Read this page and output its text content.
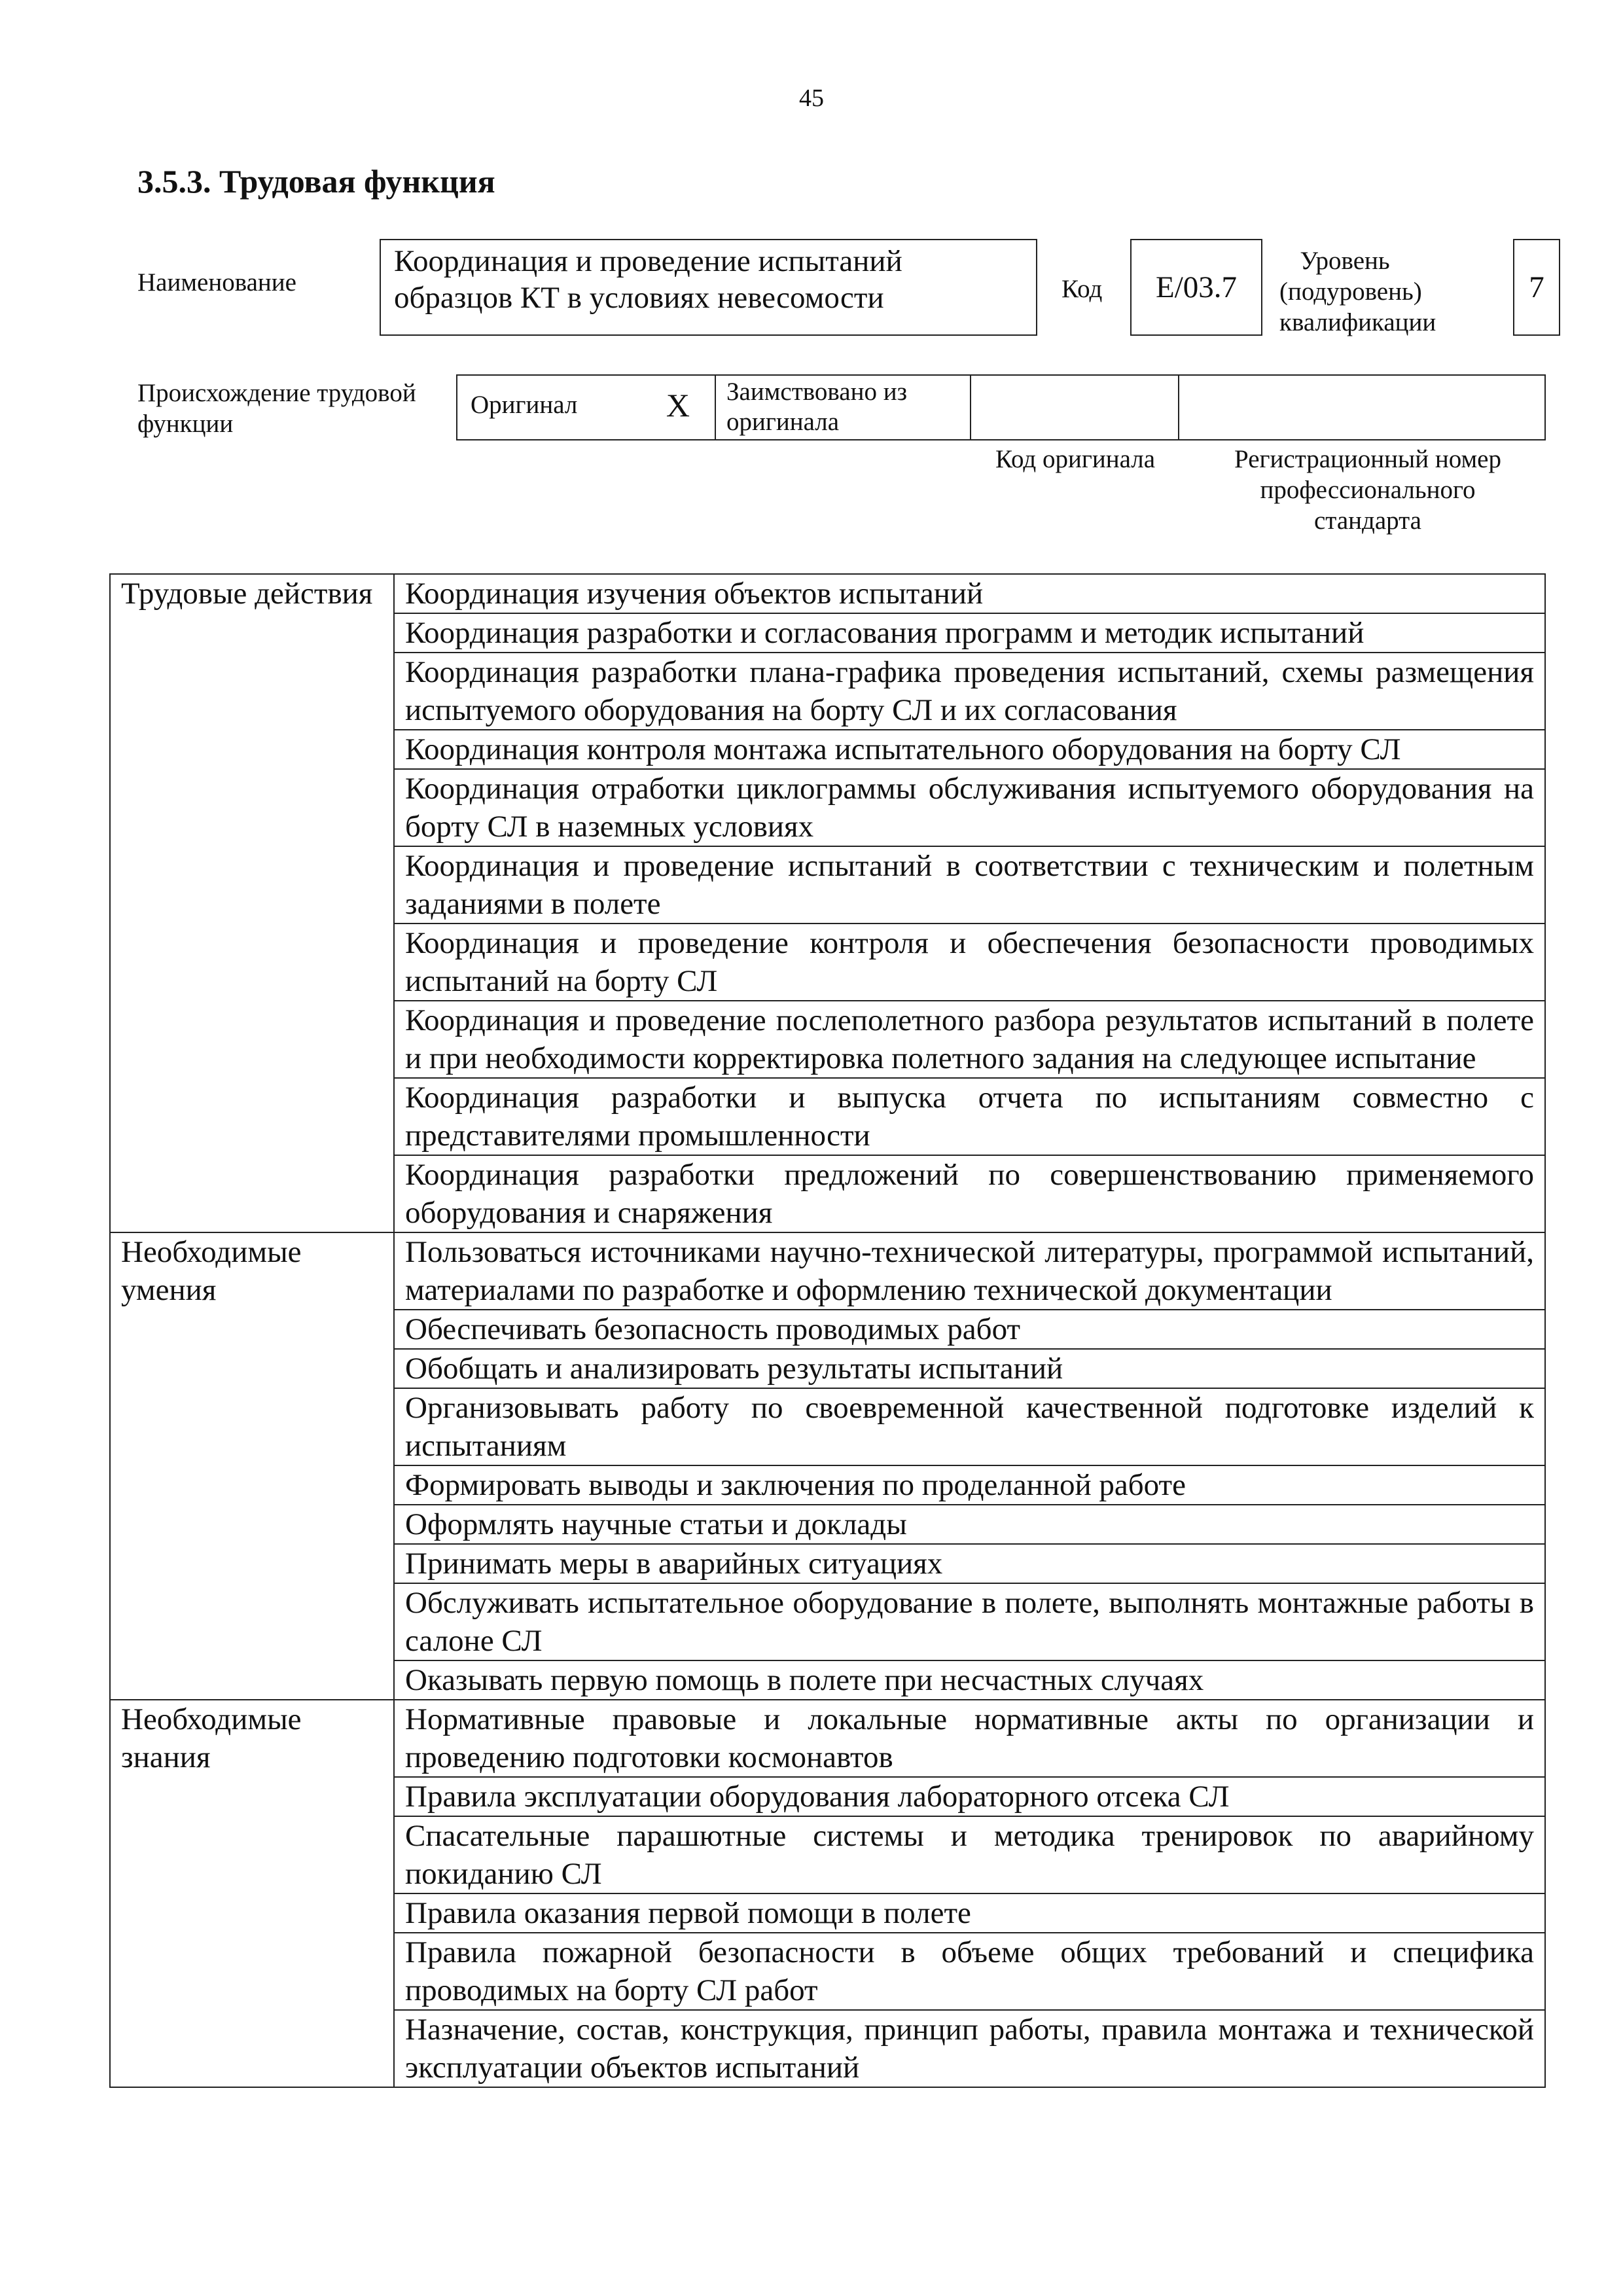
45
3.5.3. Трудовая функция
Наименование
Координация и проведение испытаний образцов КТ в условиях невесомости	Код	E/03.7
Уровень (подуровень) квалификации
7
Происхождение трудовой функции
Оригинал	X	Заимствовано из оригинала
Код оригинала	Регистрационный номер профессионального стандарта
Трудовые действия	Координация изучения объектов испытаний
	Координация разработки и согласования программ и методик испытаний
	Координация разработки плана-графика проведения испытаний, схемы размещения испытуемого оборудования на борту СЛ и их согласования
	Координация контроля монтажа испытательного оборудования на борту СЛ
	Координация отработки циклограммы обслуживания испытуемого оборудования на борту СЛ в наземных условиях
	Координация и проведение испытаний в соответствии с техническим и полетным заданиями в полете
	Координация и проведение контроля и обеспечения безопасности проводимых испытаний на борту СЛ
	Координация и проведение послеполетного разбора результатов испытаний в полете и при необходимости корректировка полетного задания на следующее испытание
	Координация разработки и выпуска отчета по испытаниям совместно с представителями промышленности
	Координация разработки предложений по совершенствованию применяемого оборудования и снаряжения
Необходимые умения	Пользоваться источниками научно-технической литературы, программой испытаний, материалами по разработке и оформлению технической документации
	Обеспечивать безопасность проводимых работ
	Обобщать и анализировать результаты испытаний
	Организовывать работу по своевременной качественной подготовке изделий к испытаниям
	Формировать выводы и заключения по проделанной работе
	Оформлять научные статьи и доклады
	Принимать меры в аварийных ситуациях
	Обслуживать испытательное оборудование в полете, выполнять монтажные работы в салоне СЛ
	Оказывать первую помощь в полете при несчастных случаях
Необходимые знания	Нормативные правовые и локальные нормативные акты по организации и проведению подготовки космонавтов
	Правила эксплуатации оборудования лабораторного отсека СЛ
	Спасательные парашютные системы и методика тренировок по аварийному покиданию СЛ
	Правила оказания первой помощи в полете
	Правила пожарной безопасности в объеме общих требований и специфика проводимых на борту СЛ работ
	Назначение, состав, конструкция, принцип работы, правила монтажа и технической эксплуатации объектов испытаний
